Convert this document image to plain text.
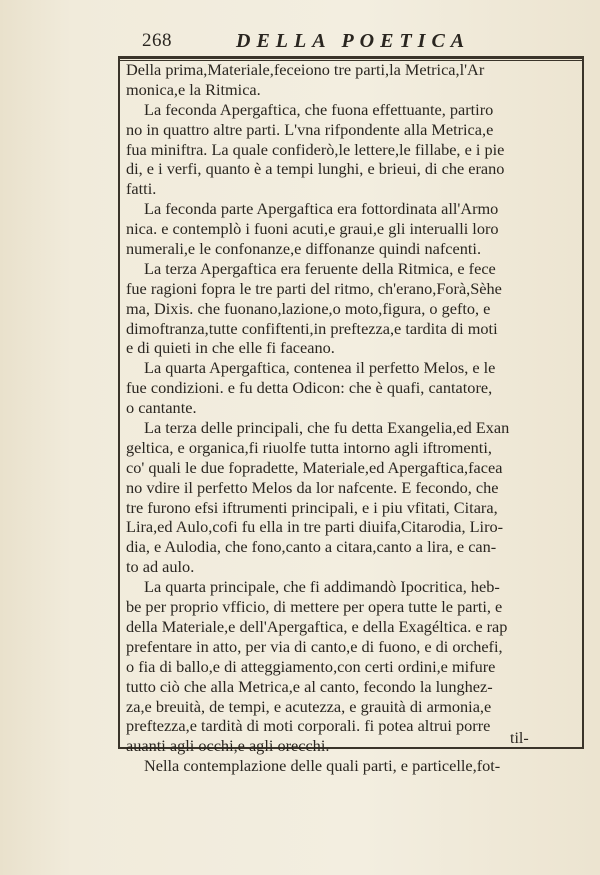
268	DELLA POETICA
Della prima,Materiale,feceiono tre parti,la Metrica,l'Ar
monica,e la Ritmica.
La feconda Apergaftica, che fuona effettuante, partiro
no in quattro altre parti. L'vna rifpondente alla Metrica,e
fua miniftra. La quale confiderò,le lettere,le fillabe, e i pie
di, e i verfi, quanto è a tempi lunghi, e brieui, di che erano
fatti.
La feconda parte Apergaftica era fottordinata all'Armo
nica. e contemplò i fuoni acuti,e graui,e gli interualli loro
numerali,e le confonanze,e diffonanze quindi nafcenti.
La terza Apergaftica era feruente della Ritmica, e fece
fue ragioni fopra le tre parti del ritmo, ch'erano,Forà,Sèhe
ma, Dixis. che fuonano,lazione,o moto,figura, o gefto, e
dimoftranza,tutte confiftenti,in preftezza,e tardita di moti
e di quieti in che elle fi faceano.
La quarta Apergaftica, contenea il perfetto Melos, e le
fue condizioni. e fu detta Odicon: che è quafi, cantatore,
o cantante.
La terza delle principali, che fu detta Exangelia,ed Exan
geltica, e organica,fi riuolfe tutta intorno agli iftromenti,
co' quali le due fopradette, Materiale,ed Apergaftica,facea
no vdire il perfetto Melos da lor nafcente. E fecondo, che
tre furono efsi iftrumenti principali, e i piu vfitati, Citara,
Lira,ed Aulo,cofi fu ella in tre parti diuifa,Citarodia, Liro-
dia, e Aulodia, che fono,canto a citara,canto a lira, e can-
to ad aulo.
La quarta principale, che fi addimandò Ipocritica, heb-
be per proprio vfficio, di mettere per opera tutte le parti, e
della Materiale,e dell'Apergaftica, e della Exagéltica. e rap
prefentare in atto, per via di canto,e di fuono, e di orchefi,
o fia di ballo,e di atteggiamento,con certi ordini,e mifure
tutto ciò che alla Metrica,e al canto, fecondo la lunghez-
za,e breuità, de tempi, e acutezza, e grauità di armonia,e
preftezza,e tardità di moti corporali. fi potea altrui porre
auanti agli occhi,e agli orecchi.
Nella contemplazione delle quali parti, e particelle,fot-
til-
